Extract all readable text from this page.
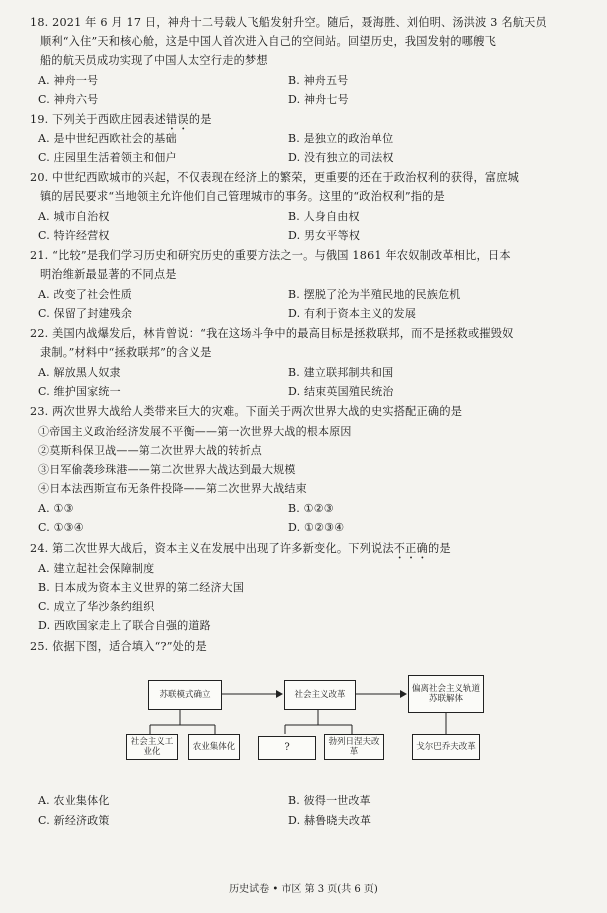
18. 2021 年 6 月 17 日，神舟十二号载人飞船发射升空。随后，聂海胜、刘伯明、汤洪波 3 名航天员
顺利“入住”天和核心舱，这是中国人首次进入自己的空间站。回望历史，我国发射的哪艘飞
船的航天员成功实现了中国人太空行走的梦想
A. 神舟一号	B. 神舟五号
C. 神舟六号	D. 神舟七号
19. 下列关于西欧庄园表述错误的是
A. 是中世纪西欧社会的基础	B. 是独立的政治单位
C. 庄园里生活着领主和佃户	D. 没有独立的司法权
20. 中世纪西欧城市的兴起，不仅表现在经济上的繁荣，更重要的还在于政治权利的获得，富庶城
镇的居民要求“当地领主允许他们自己管理城市的事务。这里的“政治权利”指的是
A. 城市自治权	B. 人身自由权
C. 特许经营权	D. 男女平等权
21. “比较”是我们学习历史和研究历史的重要方法之一。与俄国 1861 年农奴制改革相比，日本
明治维新最显著的不同点是
A. 改变了社会性质	B. 摆脱了沦为半殖民地的民族危机
C. 保留了封建残余	D. 有利于资本主义的发展
22. 美国内战爆发后，林肯曾说：“我在这场斗争中的最高目标是拯救联邦，而不是拯救或摧毁奴
隶制。”材料中“拯救联邦”的含义是
A. 解放黑人奴隶	B. 建立联邦制共和国
C. 维护国家统一	D. 结束英国殖民统治
23. 两次世界大战给人类带来巨大的灾难。下面关于两次世界大战的史实搭配正确的是
①帝国主义政治经济发展不平衡——第一次世界大战的根本原因
②莫斯科保卫战——第二次世界大战的转折点
③日军偷袭珍珠港——第二次世界大战达到最大规模
④日本法西斯宣布无条件投降——第二次世界大战结束
A. ①③	B. ①②③
C. ①③④	D. ①②③④
24. 第二次世界大战后，资本主义在发展中出现了许多新变化。下列说法不正确的是
A. 建立起社会保障制度
B. 日本成为资本主义世界的第二经济大国
C. 成立了华沙条约组织
D. 西欧国家走上了联合自强的道路
25. 依据下图，适合填入“?”处的是
苏联模式确立	社会主义改革
偏离社会主义轨道苏联解体
社会主义工业化	农业集体化	?	勃列日涅夫改革	戈尔巴乔夫改革
A. 农业集体化	B. 彼得一世改革
C. 新经济政策	D. 赫鲁晓夫改革
历史试卷 • 市区 第 3 页(共 6 页)
